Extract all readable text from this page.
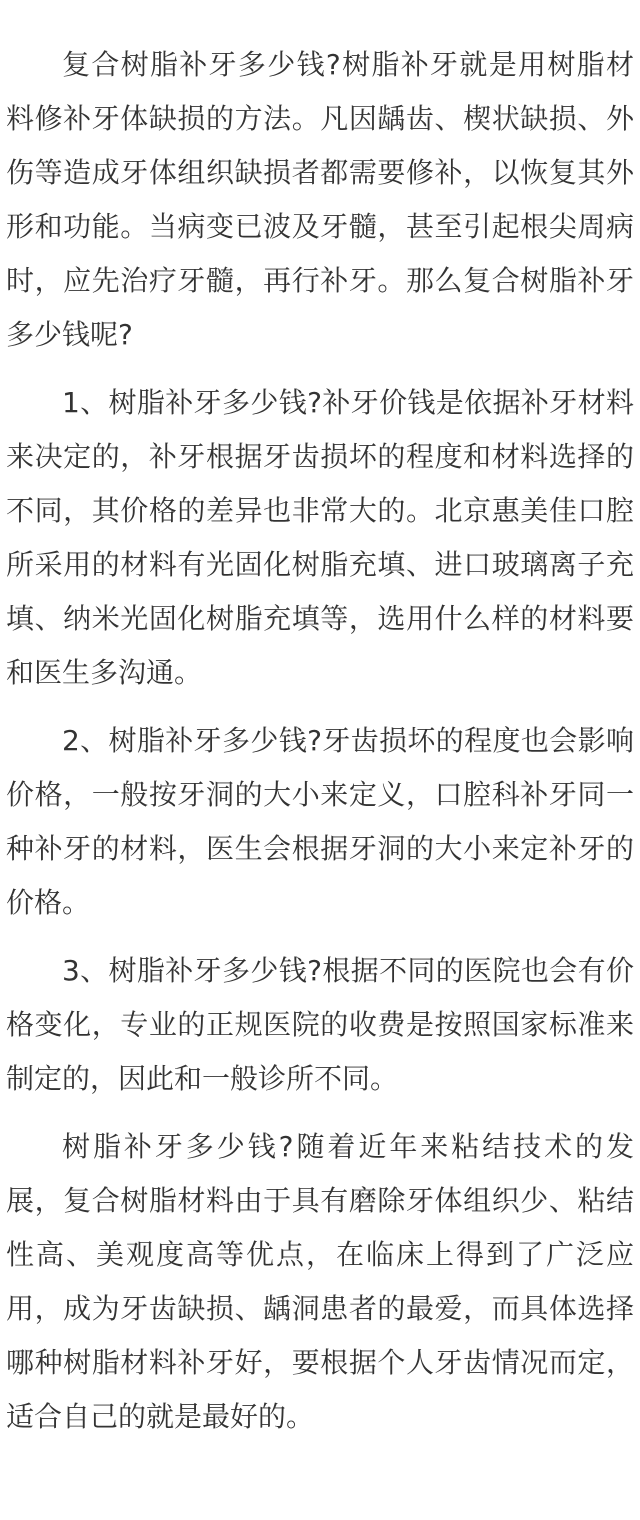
复合树脂补牙多少钱?树脂补牙就是用树脂材料修补牙体缺损的方法。凡因龋齿、楔状缺损、外伤等造成牙体组织缺损者都需要修补，以恢复其外形和功能。当病变已波及牙髓，甚至引起根尖周病时，应先治疗牙髓，再行补牙。那么复合树脂补牙多少钱呢?

1、树脂补牙多少钱?补牙价钱是依据补牙材料来决定的，补牙根据牙齿损坏的程度和材料选择的不同，其价格的差异也非常大的。北京惠美佳口腔所采用的材料有光固化树脂充填、进口玻璃离子充填、纳米光固化树脂充填等，选用什么样的材料要和医生多沟通。

2、树脂补牙多少钱?牙齿损坏的程度也会影响价格，一般按牙洞的大小来定义，口腔科补牙同一种补牙的材料，医生会根据牙洞的大小来定补牙的价格。

3、树脂补牙多少钱?根据不同的医院也会有价格变化，专业的正规医院的收费是按照国家标准来制定的，因此和一般诊所不同。

树脂补牙多少钱?随着近年来粘结技术的发展，复合树脂材料由于具有磨除牙体组织少、粘结性高、美观度高等优点，在临床上得到了广泛应用，成为牙齿缺损、龋洞患者的最爱，而具体选择哪种树脂材料补牙好，要根据个人牙齿情况而定，适合自己的就是最好的。
